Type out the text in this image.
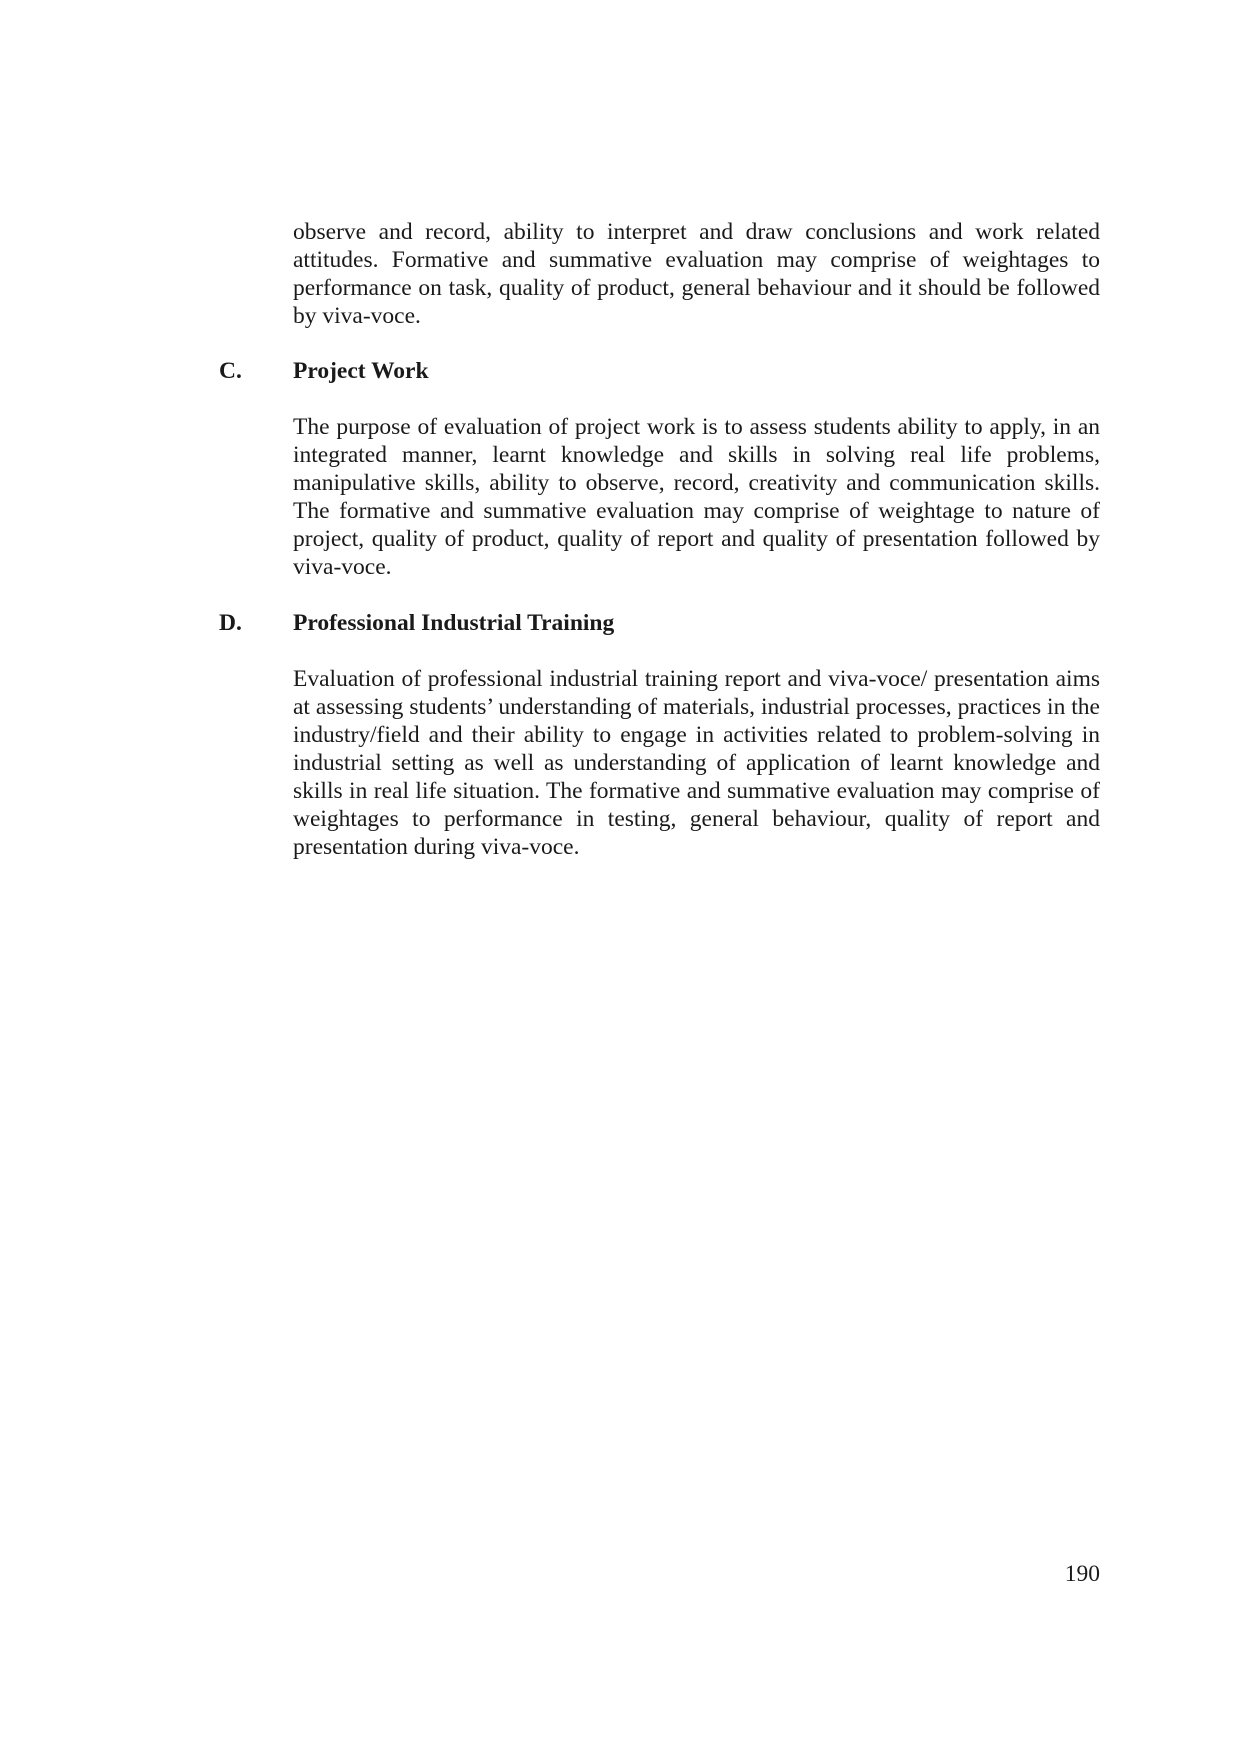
observe and record, ability to interpret and draw conclusions and work related attitudes. Formative and summative evaluation may comprise of weightages to performance on task, quality of product, general behaviour and it should be followed by viva-voce.

C. Project Work

The purpose of evaluation of project work is to assess students ability to apply, in an integrated manner, learnt knowledge and skills in solving real life problems, manipulative skills, ability to observe, record, creativity and communication skills. The formative and summative evaluation may comprise of weightage to nature of project, quality of product, quality of report and quality of presentation followed by viva-voce.

D. Professional Industrial Training

Evaluation of professional industrial training report and viva-voce/ presentation aims at assessing students’ understanding of materials, industrial processes, practices in the industry/field and their ability to engage in activities related to problem-solving in industrial setting as well as understanding of application of learnt knowledge and skills in real life situation. The formative and summative evaluation may comprise of weightages to performance in testing, general behaviour, quality of report and presentation during viva-voce.

190
